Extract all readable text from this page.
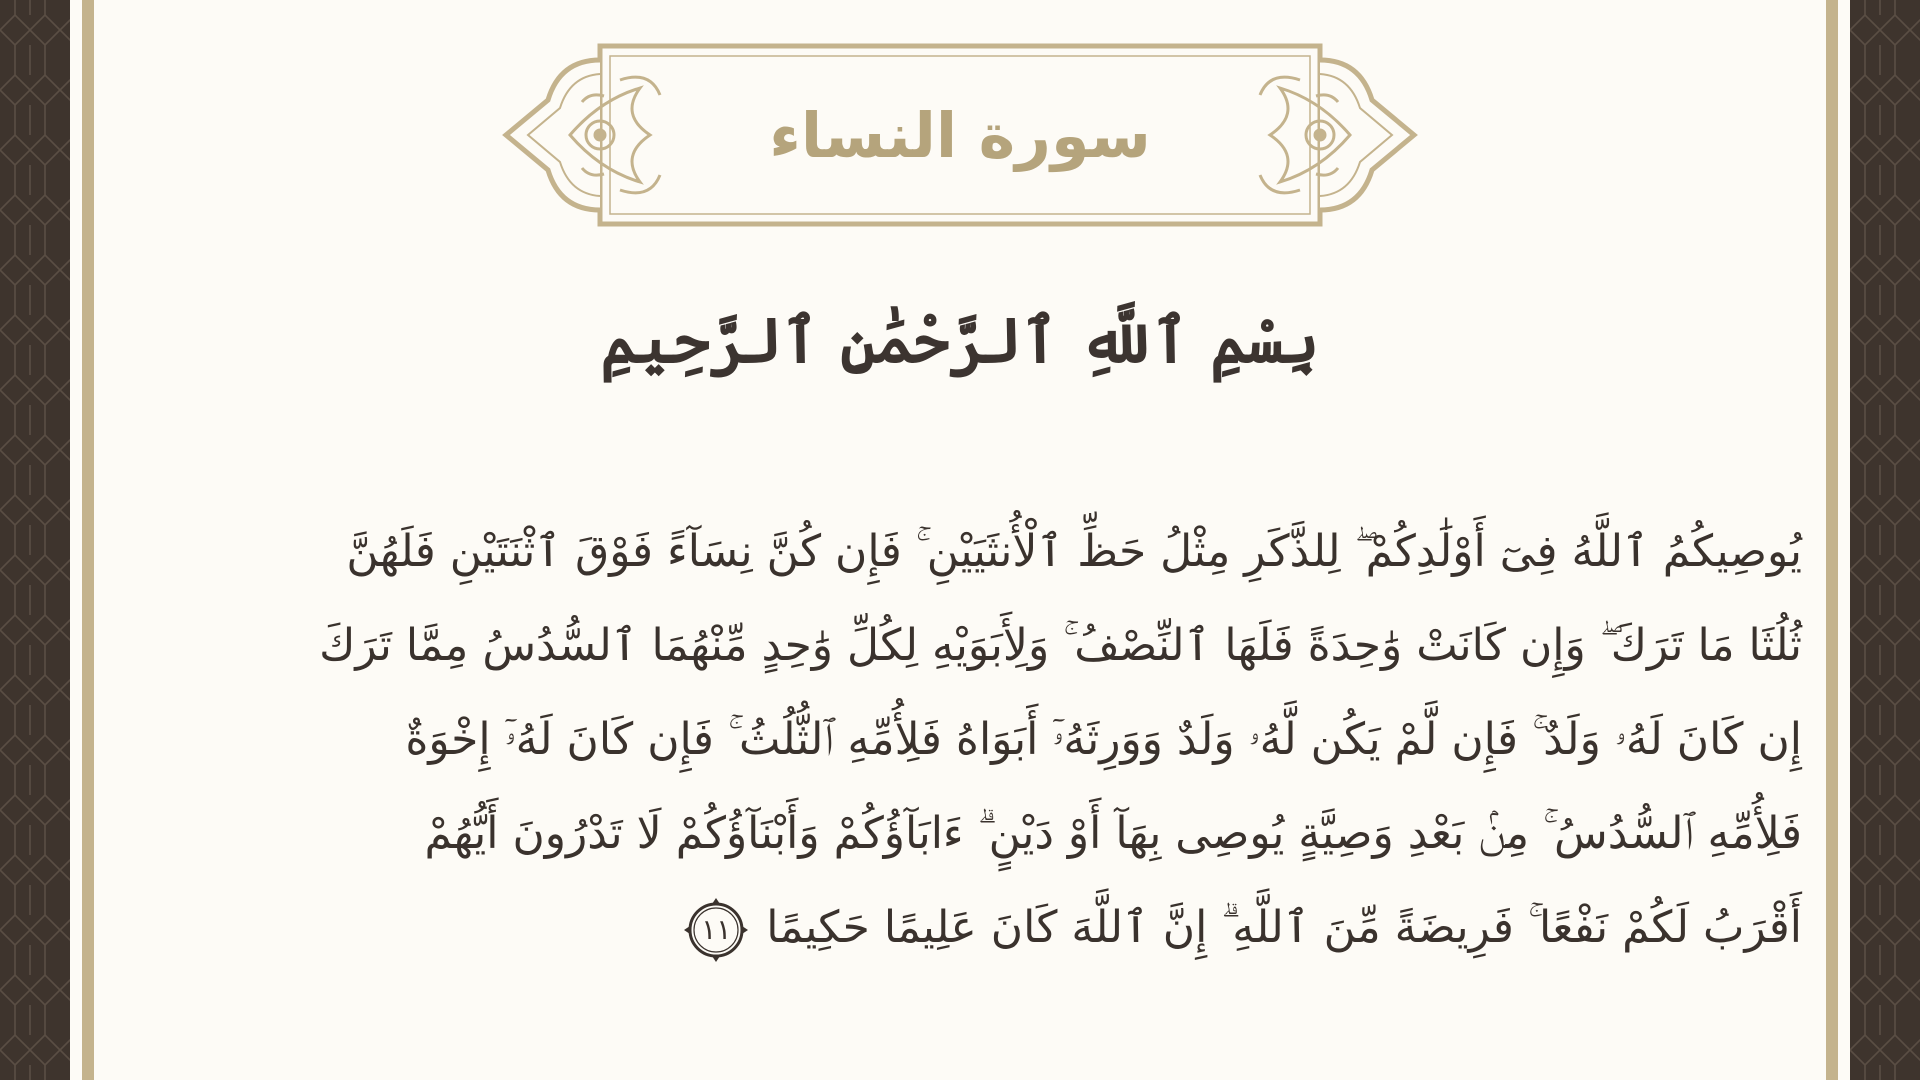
سورة النساء
بِسْمِ ٱللَّهِ ٱلرَّحْمَٰنِ ٱلرَّحِيمِ
يُوصِيكُمُ ٱللَّهُ فِىٓ أَوْلَٰدِكُمْ ۖ لِلذَّكَرِ مِثْلُ حَظِّ ٱلْأُنثَيَيْنِ ۚ فَإِن كُنَّ نِسَآءً فَوْقَ ٱثْنَتَيْنِ فَلَهُنَّ
ثُلُثَا مَا تَرَكَ ۖ وَإِن كَانَتْ وَٰحِدَةً فَلَهَا ٱلنِّصْفُ ۚ وَلِأَبَوَيْهِ لِكُلِّ وَٰحِدٍ مِّنْهُمَا ٱلسُّدُسُ مِمَّا تَرَكَ
إِن كَانَ لَهُۥ وَلَدٌ ۚ فَإِن لَّمْ يَكُن لَّهُۥ وَلَدٌ وَوَرِثَهُۥٓ أَبَوَاهُ فَلِأُمِّهِ ٱلثُّلُثُ ۚ فَإِن كَانَ لَهُۥٓ إِخْوَةٌ
فَلِأُمِّهِ ٱلسُّدُسُ ۚ مِنۢ بَعْدِ وَصِيَّةٍ يُوصِى بِهَآ أَوْ دَيْنٍ ۗ ءَابَآؤُكُمْ وَأَبْنَآؤُكُمْ لَا تَدْرُونَ أَيُّهُمْ
أَقْرَبُ لَكُمْ نَفْعًا ۚ فَرِيضَةً مِّنَ ٱللَّهِ ۗ إِنَّ ٱللَّهَ كَانَ عَلِيمًا حَكِيمًا
١١
